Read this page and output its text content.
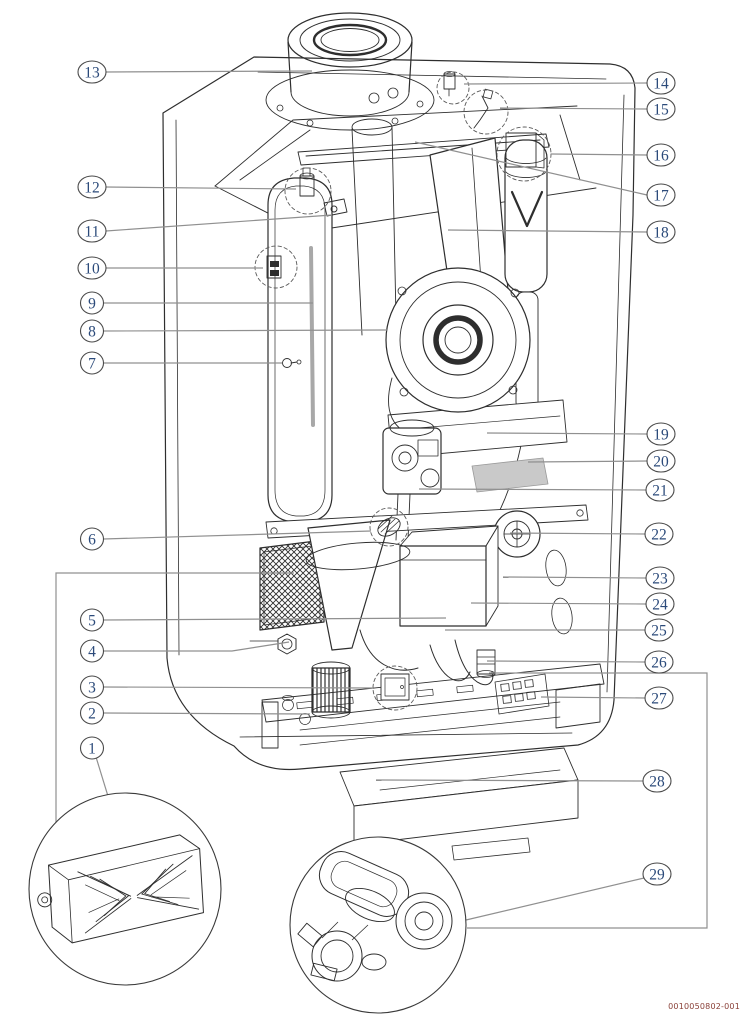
13
12
11
10
9
8
7
6
5
4
3
2
1
14
15
16
17
18
19
20
21
22
23
24
25
26
27
28
29
0010050802-001
